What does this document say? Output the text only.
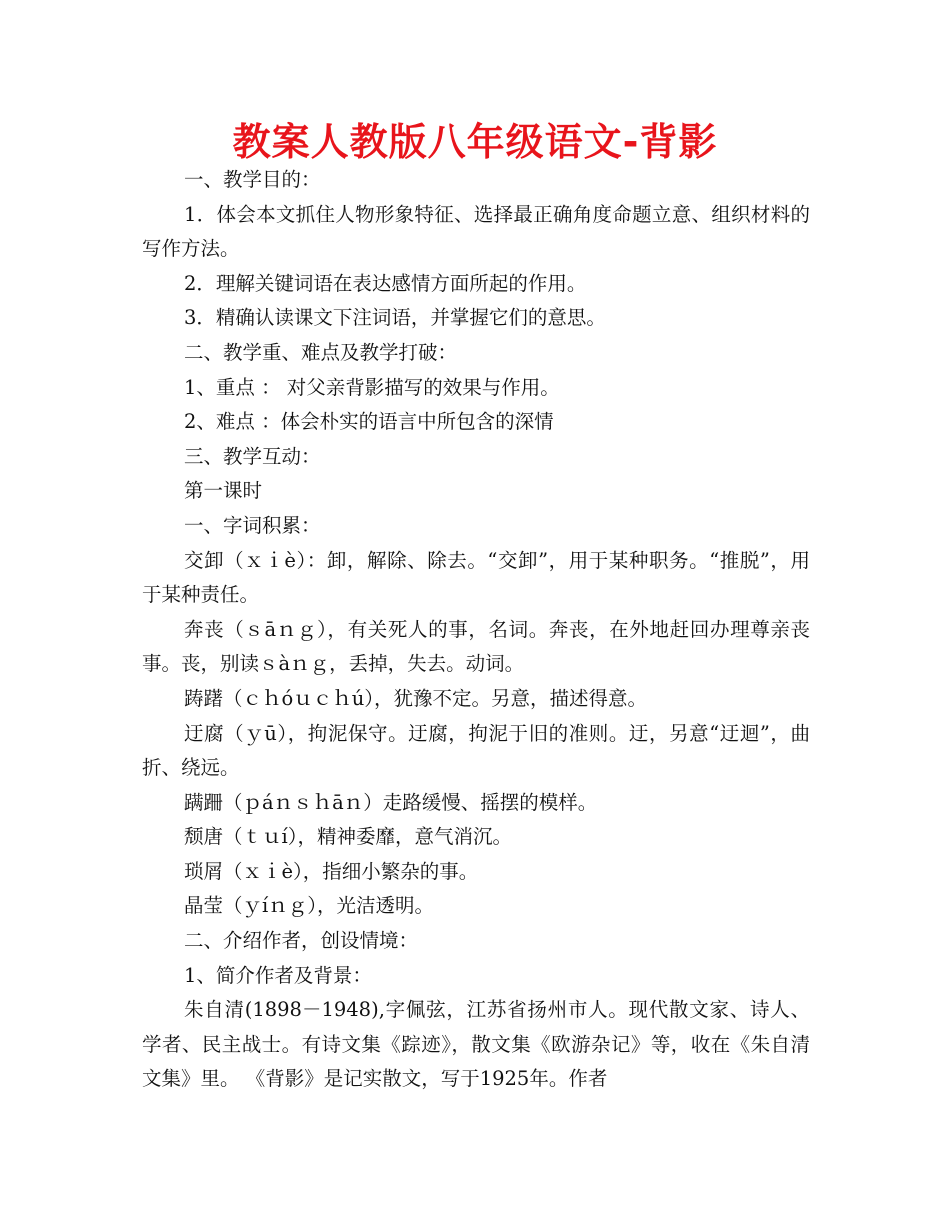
教案人教版八年级语文-背影

一、教学目的：

1．体会本文抓住人物形象特征、选择最正确角度命题立意、组织材料的写作方法。

2．理解关键词语在表达感情方面所起的作用。

3．精确认读课文下注词语，并掌握它们的意思。

二、教学重、难点及教学打破：

1、重点 ： 对父亲背影描写的效果与作用。

2、难点 ：体会朴实的语言中所包含的深情

三、教学互动：

第一课时

一、字词积累：

交卸（ｘｉè）：卸，解除、除去。“交卸”，用于某种职务。“推脱”，用于某种责任。

奔丧（ｓāｎｇ），有关死人的事，名词。奔丧，在外地赶回办理尊亲丧事。丧，别读ｓàｎｇ，丢掉，失去。动词。

踌躇（ｃｈóｕｃｈú），犹豫不定。另意，描述得意。

迂腐（ｙū），拘泥保守。迂腐，拘泥于旧的准则。迂，另意“迂迴”，曲折、绕远。

蹒跚（ｐáｎｓｈāｎ）走路缓慢、摇摆的模样。

颓唐（ｔｕí），精神委靡，意气消沉。

琐屑（ｘｉè），指细小繁杂的事。

晶莹（ｙíｎｇ），光洁透明。

二、介绍作者，创设情境：

1、简介作者及背景：

朱自清(1898－1948),字佩弦，江苏省扬州市人。现代散文家、诗人、学者、民主战士。有诗文集《踪迹》，散文集《欧游杂记》等，收在《朱自清文集》里。 《背影》是记实散文，写于1925年。作者
